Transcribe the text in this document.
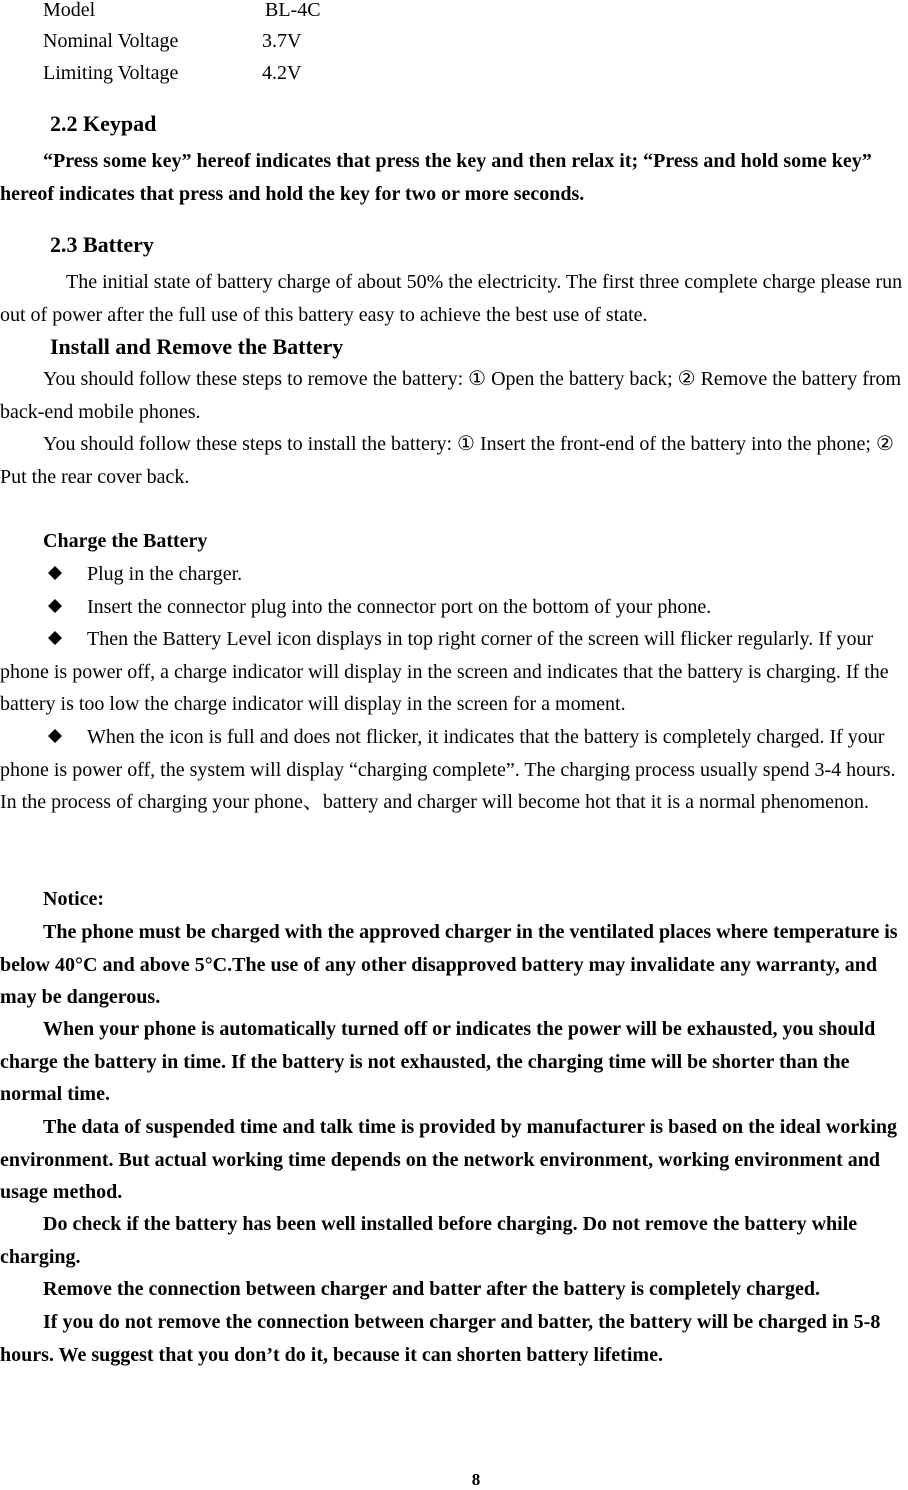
Model	BL-4C
Nominal Voltage	3.7V
Limiting Voltage	4.2V
2.2 Keypad

“Press some key” hereof indicates that press the key and then relax it; “Press and hold some key” hereof indicates that press and hold the key for two or more seconds.

2.3 Battery

The initial state of battery charge of about 50% the electricity. The first three complete charge please run out of power after the full use of this battery easy to achieve the best use of state.

Install and Remove the Battery

You should follow these steps to remove the battery: ① Open the battery back; ② Remove the battery from back-end mobile phones.

You should follow these steps to install the battery: ① Insert the front-end of the battery into the phone; ② Put the rear cover back.

Charge the Battery

Plug in the charger.

Insert the connector plug into the connector port on the bottom of your phone.

Then the Battery Level icon displays in top right corner of the screen will flicker regularly. If your phone is power off, a charge indicator will display in the screen and indicates that the battery is charging. If the battery is too low the charge indicator will display in the screen for a moment.

When the icon is full and does not flicker, it indicates that the battery is completely charged. If your phone is power off, the system will display “charging complete”. The charging process usually spend 3-4 hours. In the process of charging your phone、battery and charger will become hot that it is a normal phenomenon.

Notice:

The phone must be charged with the approved charger in the ventilated places where temperature is below 40°C and above 5°C.The use of any other disapproved battery may invalidate any warranty, and may be dangerous.

When your phone is automatically turned off or indicates the power will be exhausted, you should charge the battery in time. If the battery is not exhausted, the charging time will be shorter than the normal time.

The data of suspended time and talk time is provided by manufacturer is based on the ideal working environment. But actual working time depends on the network environment, working environment and usage method.

Do check if the battery has been well installed before charging. Do not remove the battery while charging.

Remove the connection between charger and batter after the battery is completely charged.

If you do not remove the connection between charger and batter, the battery will be charged in 5-8 hours. We suggest that you don’t do it, because it can shorten battery lifetime.

8
